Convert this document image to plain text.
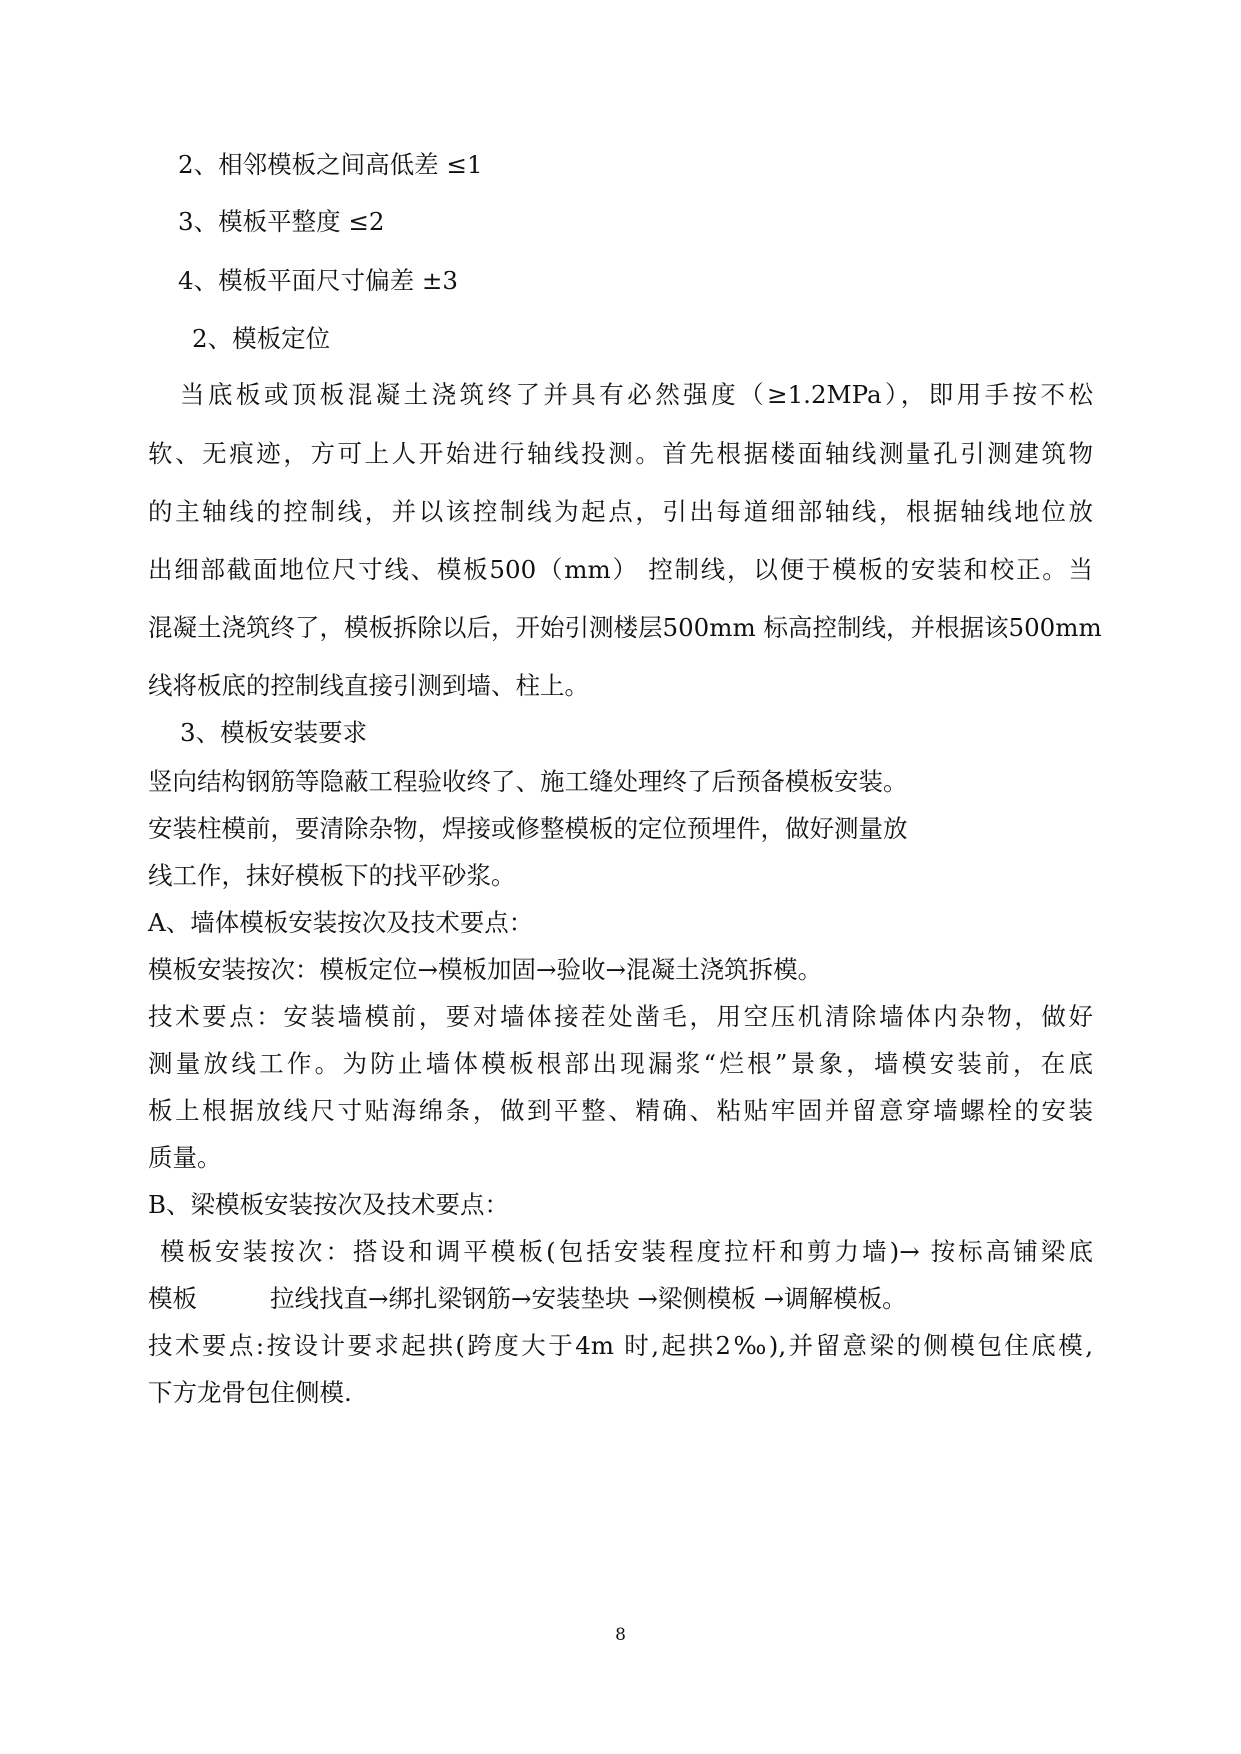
2、相邻模板之间高低差 ≤1

3、模板平整度 ≤2

4、模板平面尺寸偏差 ±3

2、模板定位

当底板或顶板混凝土浇筑终了并具有必然强度（≥1.2MPa），即用手按不松

软、无痕迹，方可上人开始进行轴线投测。首先根据楼面轴线测量孔引测建筑物

的主轴线的控制线，并以该控制线为起点，引出每道细部轴线，根据轴线地位放

出细部截面地位尺寸线、模板500（mm） 控制线，以便于模板的安装和校正。当

混凝土浇筑终了，模板拆除以后，开始引测楼层500mm 标高控制线，并根据该500mm

线将板底的控制线直接引测到墙、柱上。

3、模板安装要求

竖向结构钢筋等隐蔽工程验收终了、施工缝处理终了后预备模板安装。

安装柱模前，要清除杂物，焊接或修整模板的定位预埋件，做好测量放

线工作，抹好模板下的找平砂浆。

A、墙体模板安装按次及技术要点：

模板安装按次：模板定位→模板加固→验收→混凝土浇筑拆模。

技术要点：安装墙模前，要对墙体接茬处凿毛，用空压机清除墙体内杂物，做好

测量放线工作。为防止墙体模板根部出现漏浆“烂根”景象，墙模安装前，在底

板上根据放线尺寸贴海绵条，做到平整、精确、粘贴牢固并留意穿墙螺栓的安装

质量。

B、梁模板安装按次及技术要点：

模板安装按次：搭设和调平模板(包括安装程度拉杆和剪力墙)→ 按标高铺梁底

模板	拉线找直→绑扎梁钢筋→安装垫块 →梁侧模板 →调解模板。

技术要点:按设计要求起拱(跨度大于4m 时,起拱2‰),并留意梁的侧模包住底模,

下方龙骨包住侧模.

8
